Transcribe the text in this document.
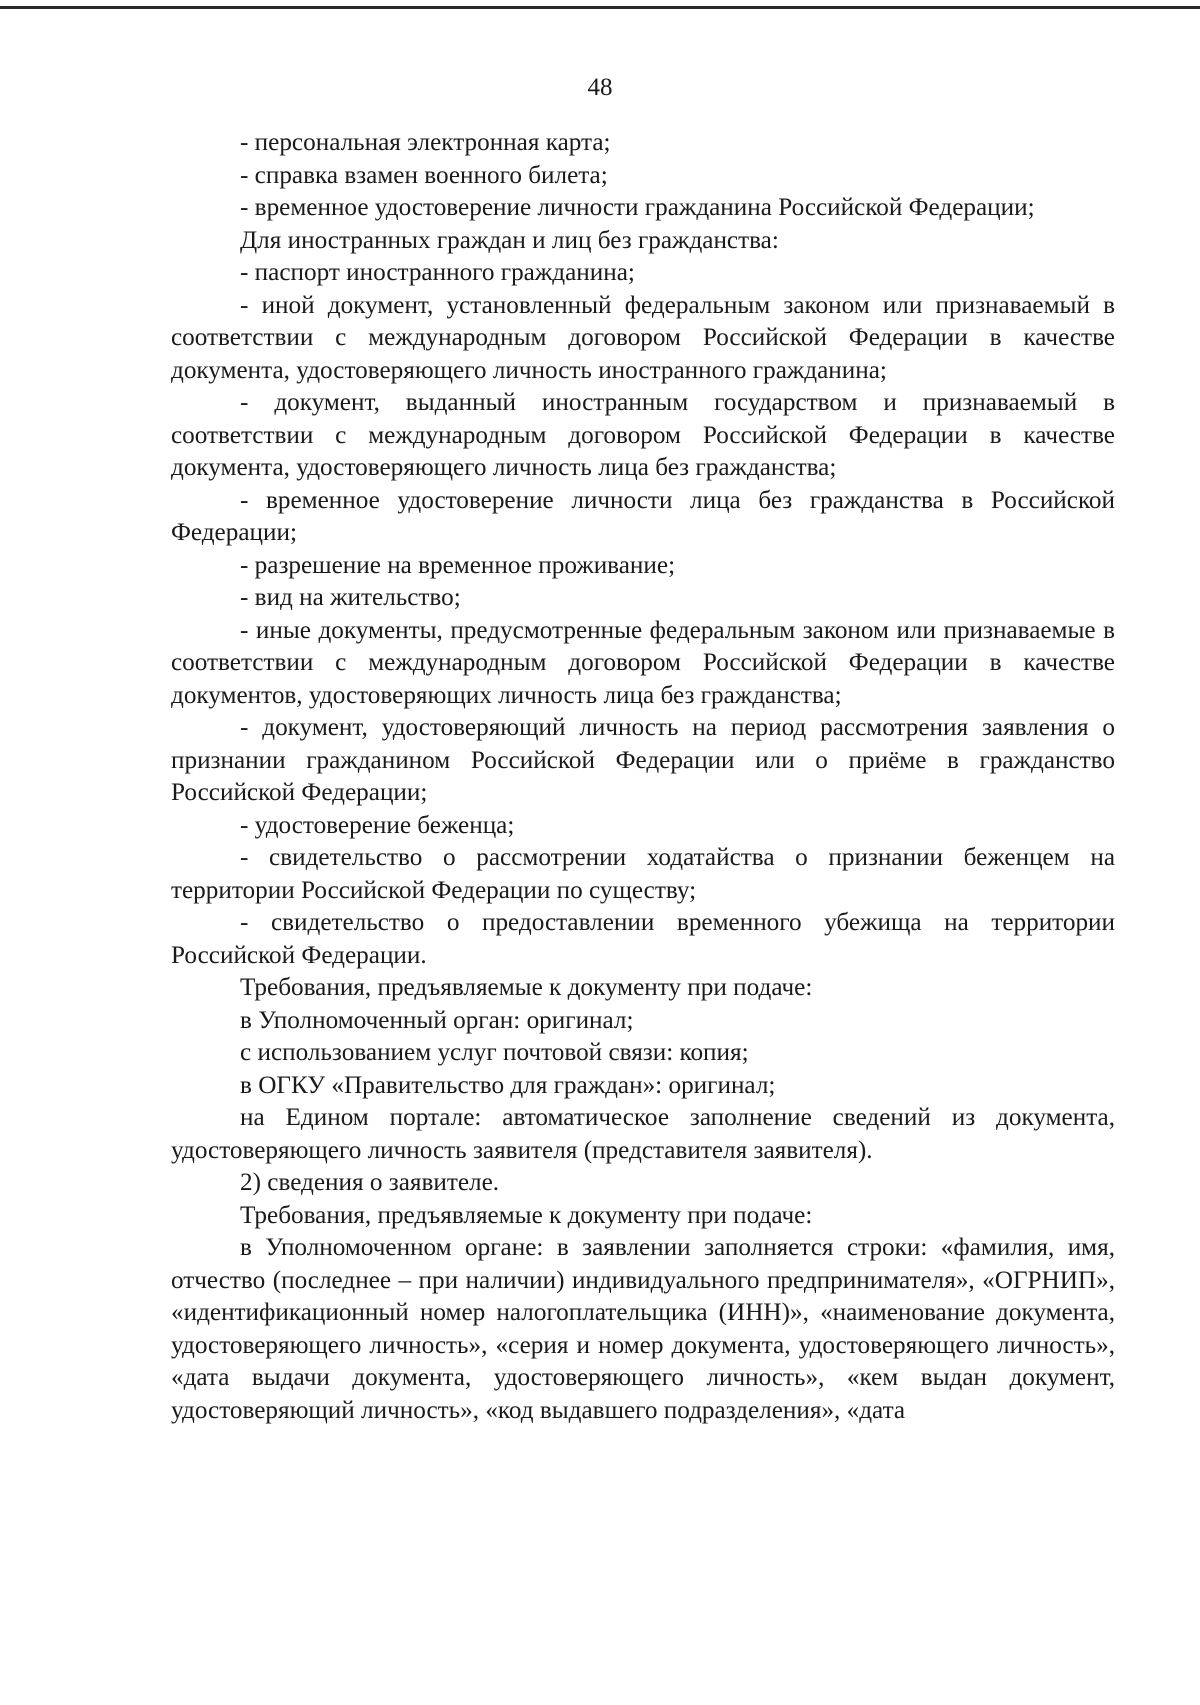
48

- персональная электронная карта;

- справка взамен военного билета;

- временное удостоверение личности гражданина Российской Федерации;

Для иностранных граждан и лиц без гражданства:

- паспорт иностранного гражданина;

- иной документ, установленный федеральным законом или признаваемый в соответствии с международным договором Российской Федерации в качестве документа, удостоверяющего личность иностранного гражданина;

- документ, выданный иностранным государством и признаваемый в соответствии с международным договором Российской Федерации в качестве документа, удостоверяющего личность лица без гражданства;

- временное удостоверение личности лица без гражданства в Российской Федерации;

- разрешение на временное проживание;

- вид на жительство;

- иные документы, предусмотренные федеральным законом или признаваемые в соответствии с международным договором Российской Федерации в качестве документов, удостоверяющих личность лица без гражданства;

- документ, удостоверяющий личность на период рассмотрения заявления о признании гражданином Российской Федерации или о приёме в гражданство Российской Федерации;

- удостоверение беженца;

- свидетельство о рассмотрении ходатайства о признании беженцем на территории Российской Федерации по существу;

- свидетельство о предоставлении временного убежища на территории Российской Федерации.

Требования, предъявляемые к документу при подаче:

в Уполномоченный орган: оригинал;

с использованием услуг почтовой связи: копия;

в ОГКУ «Правительство для граждан»: оригинал;

на Едином портале: автоматическое заполнение сведений из документа, удостоверяющего личность заявителя (представителя заявителя).

2) сведения о заявителе.

Требования, предъявляемые к документу при подаче:

в Уполномоченном органе: в заявлении заполняется строки: «фамилия, имя, отчество (последнее – при наличии) индивидуального предпринимателя», «ОГРНИП», «идентификационный номер налогоплательщика (ИНН)», «наименование документа, удостоверяющего личность», «серия и номер документа, удостоверяющего личность», «дата выдачи документа, удостоверяющего личность», «кем выдан документ, удостоверяющий личность», «код выдавшего подразделения», «дата
